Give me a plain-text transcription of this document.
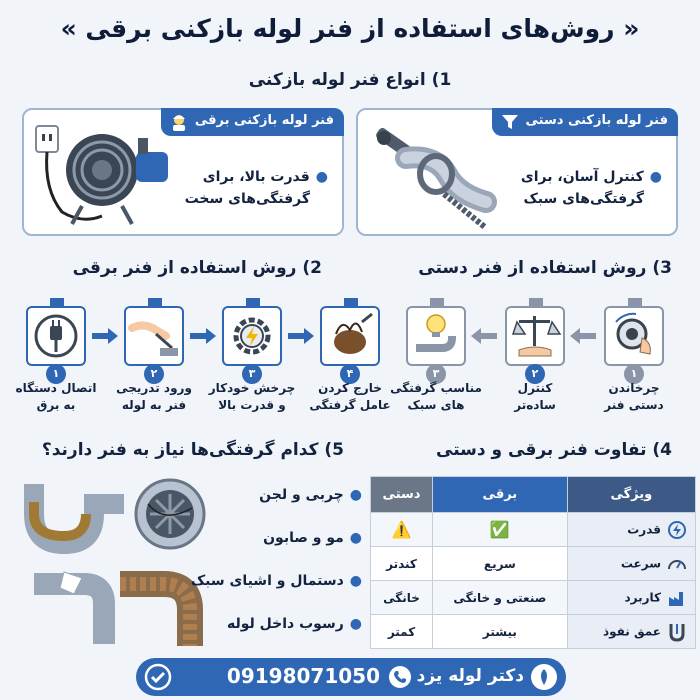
« روش‌های استفاده از فنر لوله بازکنی برقی »
1) انواع فنر لوله بازکنی
فنر لوله بازکنی دستی
●کنترل آسان، برای
گرفتگی‌های سبک
فنر لوله بازکنی برقی
●قدرت بالا، برای
گرفتگی‌های سخت
3) روش استفاده از فنر دستی
2) روش استفاده از فنر برقی
۱
چرخاندن
دستی فنر
۲
کنترل
ساده‌تر
۳
مناسب گرفتگی
های سبک
۱
اتصال دستگاه
به برق
۲
ورود تدریجی
فنر به لوله
۳
چرخش خودکار
و قدرت بالا
۴
خارج کردن
عامل گرفتگی
5) کدام گرفتگی‌ها نیاز به فنر دارند؟	4) تفاوت فنر برقی و دستی
●چربی و لجن
●مو و صابون
●دستمال و اشیای سبک
●رسوب داخل لوله
ویژگی	برقی	دستی
قدرت	✅	⚠️
سرعت	سریع	کندتر
کاربرد	صنعتی و خانگی	خانگی
عمق نفوذ	بیشتر	کمتر
دکتر لوله یزد
09198071050
